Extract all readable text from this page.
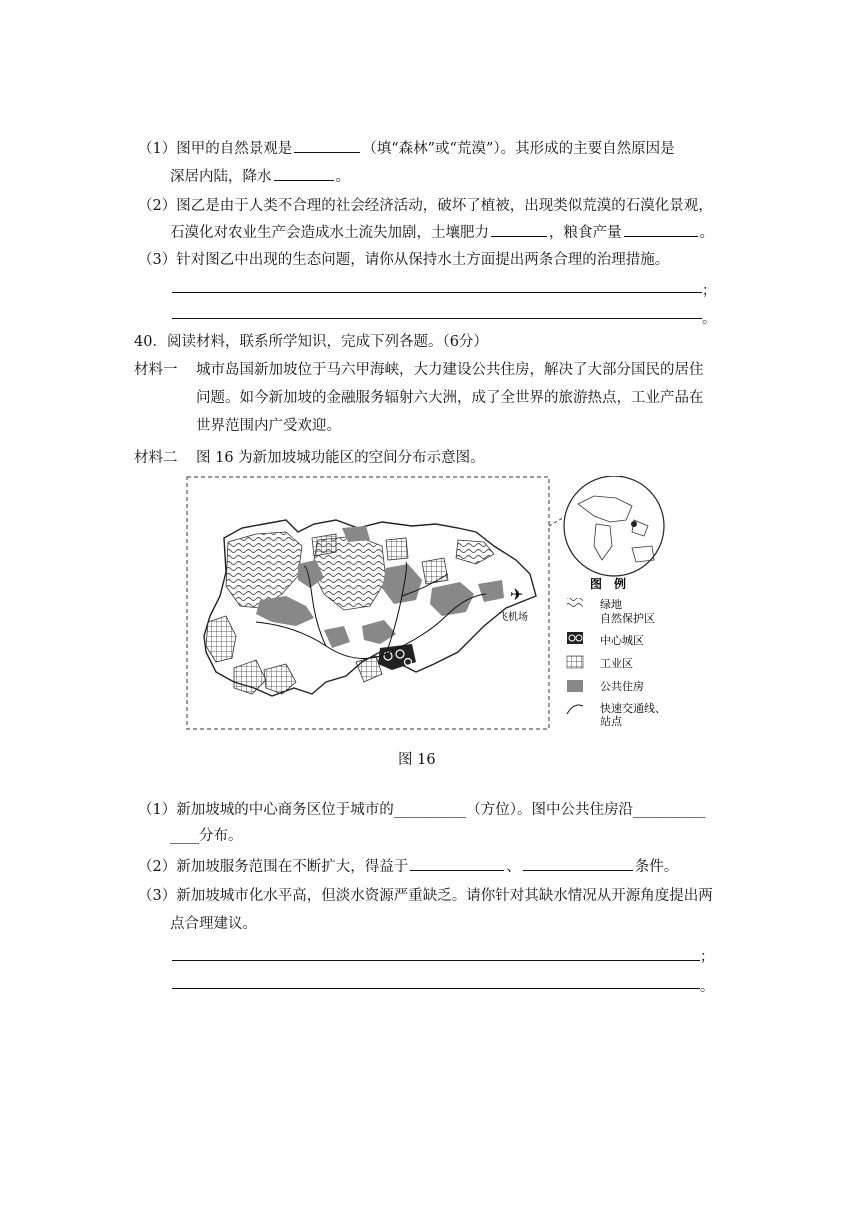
（1）图甲的自然景观是	（填“森林”或“荒漠”）。其形成的主要自然原因是
深居内陆，降水	。
（2）图乙是由于人类不合理的社会经济活动，破坏了植被，出现类似荒漠的石漠化景观，
石漠化对农业生产会造成水土流失加剧，土壤肥力	，粮食产量	。
（3）针对图乙中出现的生态问题，请你从保持水土方面提出两条合理的治理措施。
；
。
40．阅读材料，联系所学知识，完成下列各题。（6分）
材料一 城市岛国新加坡位于马六甲海峡，大力建设公共住房，解决了大部分国民的居住
问题。如今新加坡的金融服务辐射六大洲，成了全世界的旅游热点，工业产品在
世界范围内广受欢迎。
材料二 图 16 为新加坡城功能区的空间分布示意图。
✈
飞机场
图　例
绿地
自然保护区
中心城区
工业区
公共住房
快速交通线、
站点
图 16
（1）新加坡城的中心商务区位于城市的__________（方位）。图中公共住房沿__________
____分布。
（2）新加坡服务范围在不断扩大，得益于	、	条件。
（3）新加坡城市化水平高，但淡水资源严重缺乏。请你针对其缺水情况从开源角度提出两
点合理建议。
；
。
